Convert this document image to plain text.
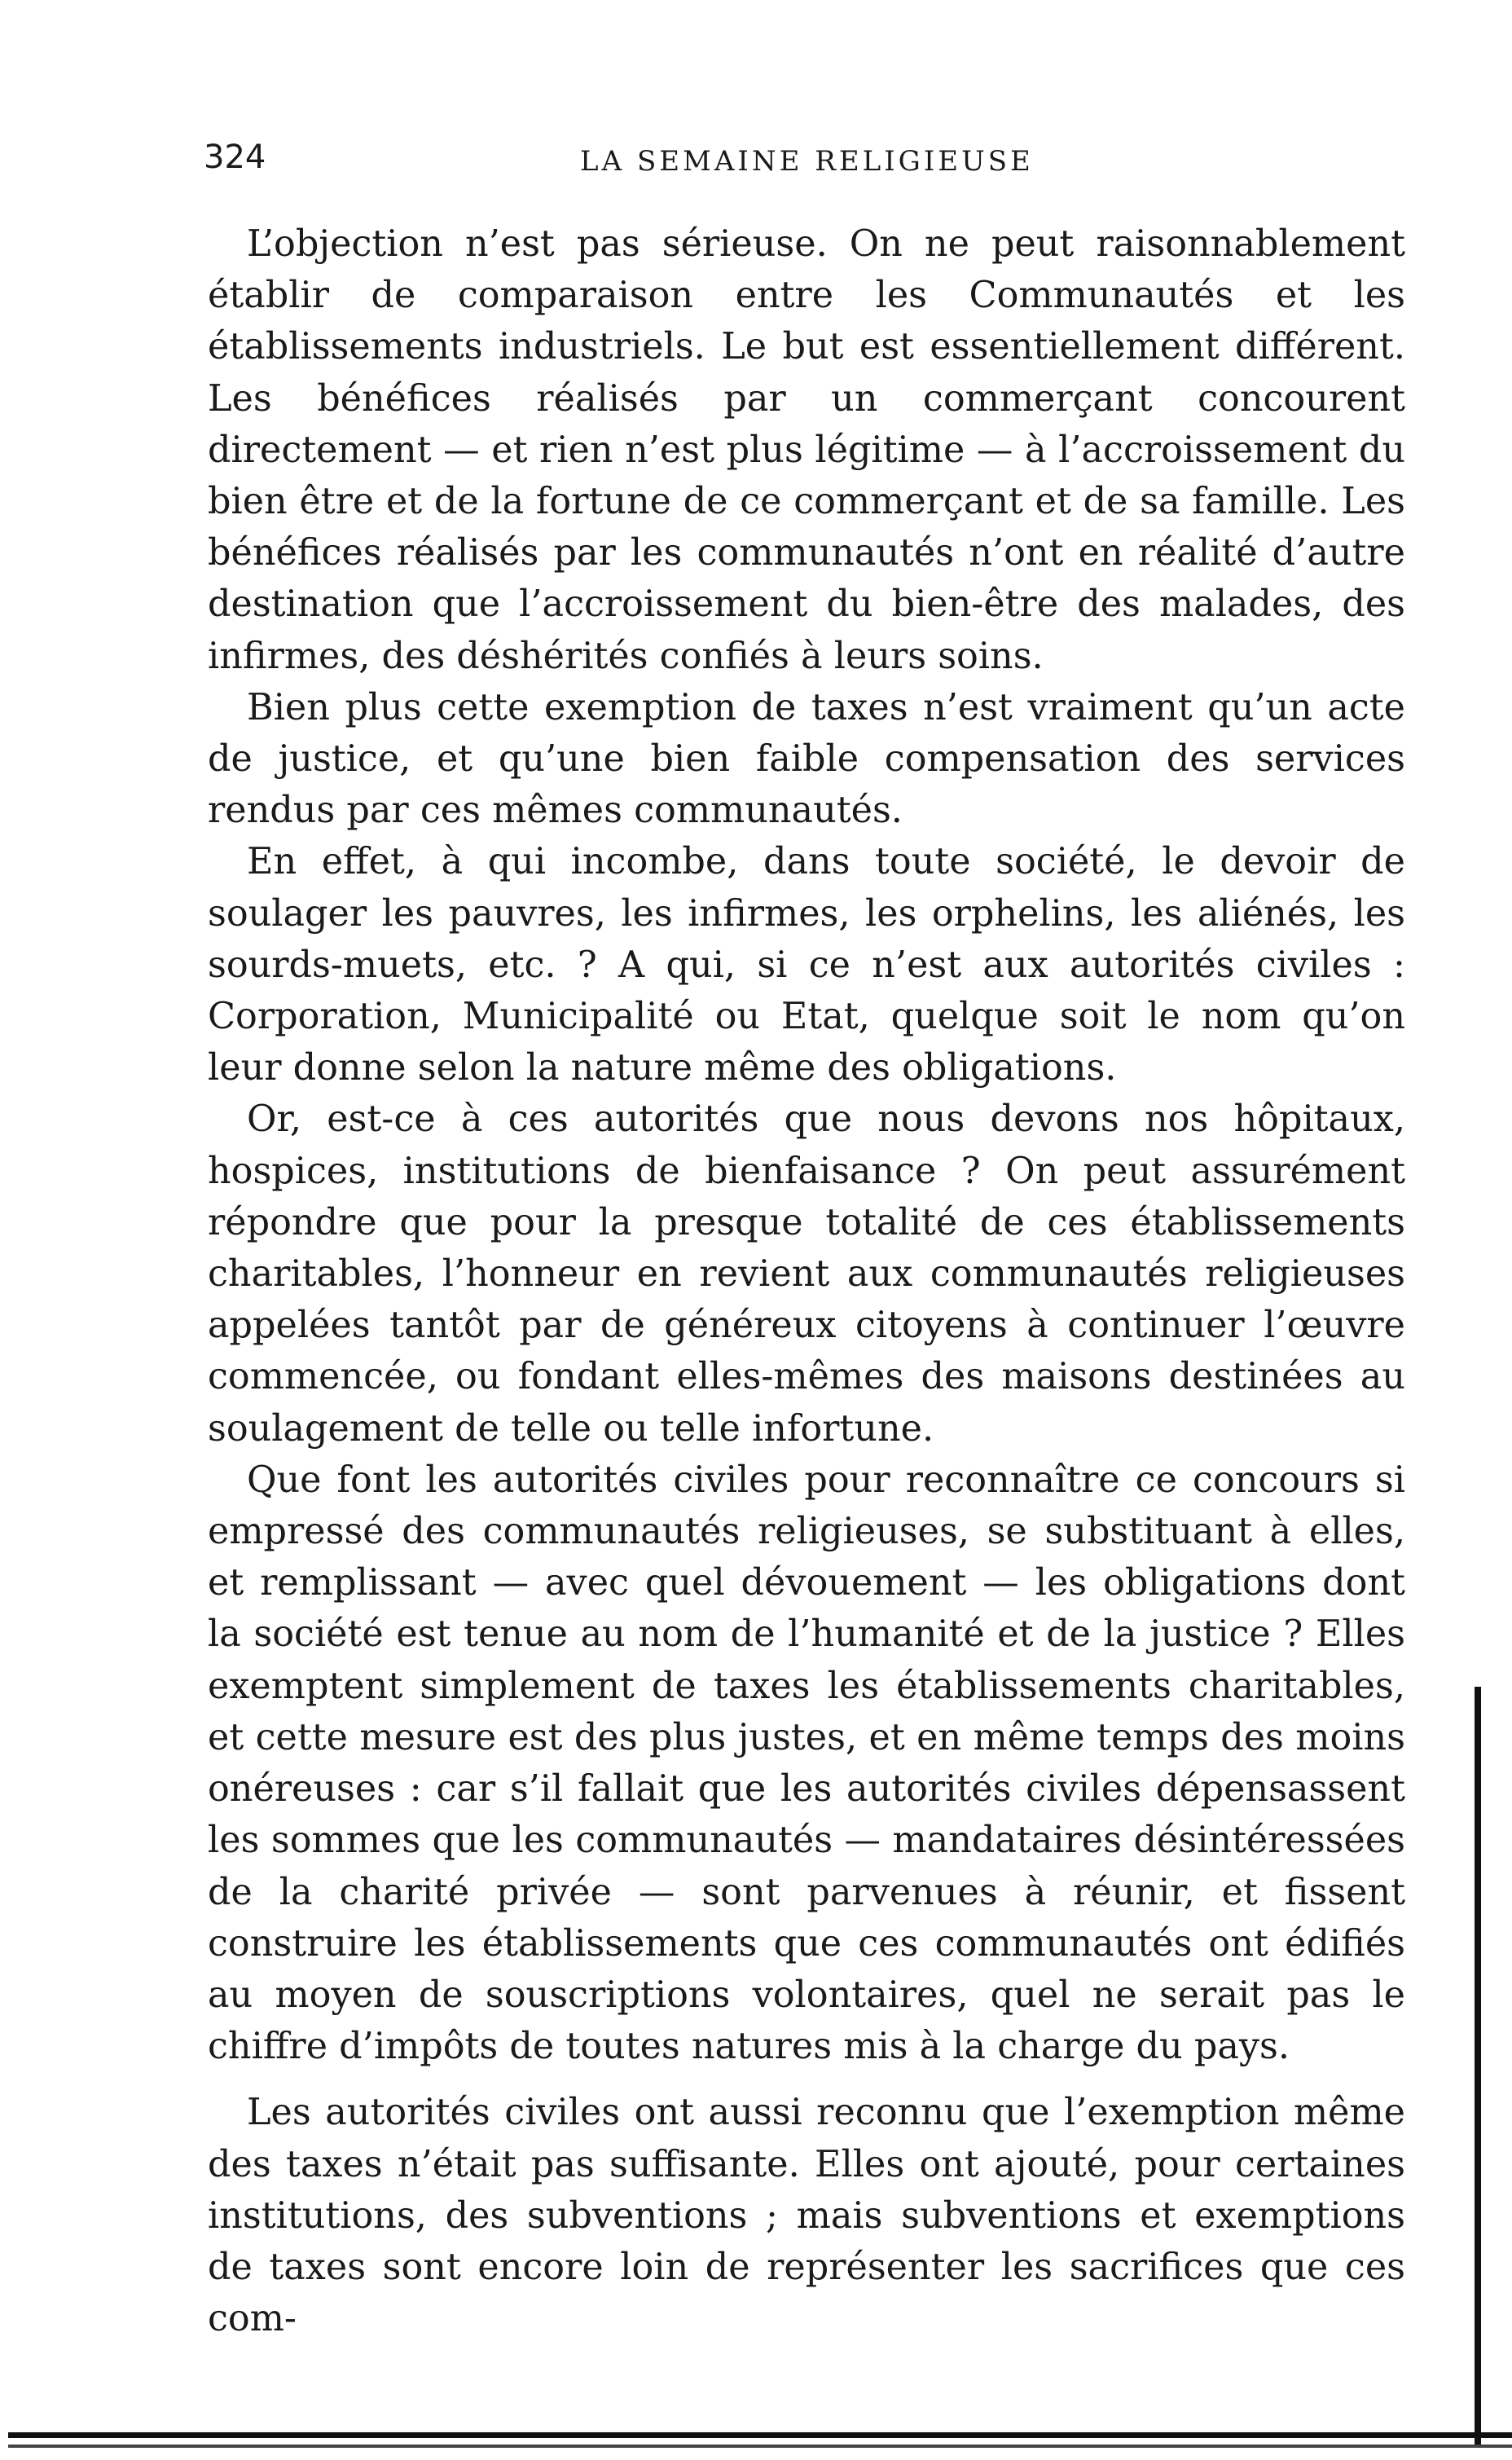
324	LA SEMAINE RELIGIEUSE

L’objection n’est pas sérieuse. On ne peut raisonnablement établir de comparaison entre les Communautés et les établissements industriels. Le but est essentiellement différent. Les bénéfices réalisés par un commerçant concourent directement — et rien n’est plus légitime — à l’accroissement du bien être et de la fortune de ce commerçant et de sa famille. Les bénéfices réalisés par les communautés n’ont en réalité d’autre destination que l’accroissement du bien-être des malades, des infirmes, des déshérités confiés à leurs soins.

Bien plus cette exemption de taxes n’est vraiment qu’un acte de justice, et qu’une bien faible compensation des services rendus par ces mêmes communautés.

En effet, à qui incombe, dans toute société, le devoir de soulager les pauvres, les infirmes, les orphelins, les aliénés, les sourds-muets, etc. ? A qui, si ce n’est aux autorités civiles : Corporation, Municipalité ou Etat, quelque soit le nom qu’on leur donne selon la nature même des obligations.

Or, est-ce à ces autorités que nous devons nos hôpitaux, hospices, institutions de bienfaisance ? On peut assurément répondre que pour la presque totalité de ces établissements charitables, l’honneur en revient aux communautés religieuses appelées tantôt par de généreux citoyens à continuer l’œuvre commencée, ou fondant elles-mêmes des maisons destinées au soulagement de telle ou telle infortune.

Que font les autorités civiles pour reconnaître ce concours si empressé des communautés religieuses, se substituant à elles, et remplissant — avec quel dévouement — les obligations dont la société est tenue au nom de l’humanité et de la justice ? Elles exemptent simplement de taxes les établissements charitables, et cette mesure est des plus justes, et en même temps des moins onéreuses : car s’il fallait que les autorités civiles dépensassent les sommes que les communautés — mandataires désintéressées de la charité privée — sont parvenues à réunir, et fissent construire les établissements que ces communautés ont édifiés au moyen de souscriptions volontaires, quel ne serait pas le chiffre d’impôts de toutes natures mis à la charge du pays.

Les autorités civiles ont aussi reconnu que l’exemption même des taxes n’était pas suffisante. Elles ont ajouté, pour certaines institutions, des subventions ; mais subventions et exemptions de taxes sont encore loin de représenter les sacrifices que ces com-
